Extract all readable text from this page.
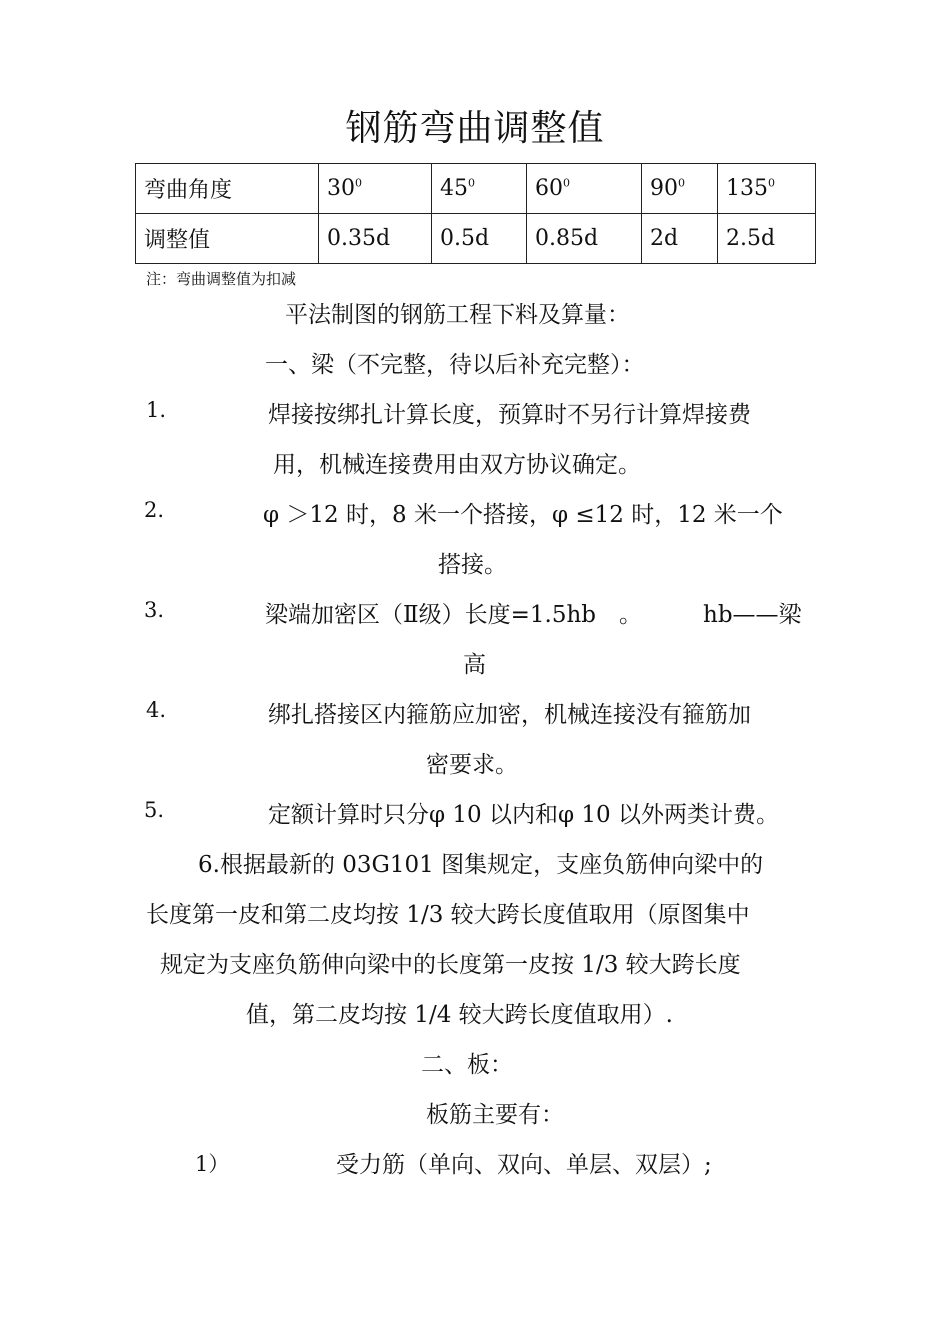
钢筋弯曲调整值
弯曲角度	$30^0$	$45^0$	$60^0$	$90^0$	$135^0$
调整值	0.35d	0.5d	0.85d	2d	2.5d
注：弯曲调整值为扣减
平法制图的钢筋工程下料及算量：
一、梁（不完整，待以后补充完整）：
1.	焊接按绑扎计算长度，预算时不另行计算焊接费
用，机械连接费用由双方协议确定。
2.	φ ＞12 时，8 米一个搭接，φ ≤12 时，12 米一个
搭接。
3.	梁端加密区（Ⅱ级）长度=1.5hb　。	hb——梁
高
4.	绑扎搭接区内箍筋应加密，机械连接没有箍筋加
密要求。
5.	定额计算时只分φ 10 以内和φ 10 以外两类计费。
6.根据最新的 03G101 图集规定，支座负筋伸向梁中的
长度第一皮和第二皮均按 1/3 较大跨长度值取用（原图集中
规定为支座负筋伸向梁中的长度第一皮按 1/3 较大跨长度
值，第二皮均按 1/4 较大跨长度值取用）.
二、板：
板筋主要有：
1）	受力筋（单向、双向、单层、双层）;
